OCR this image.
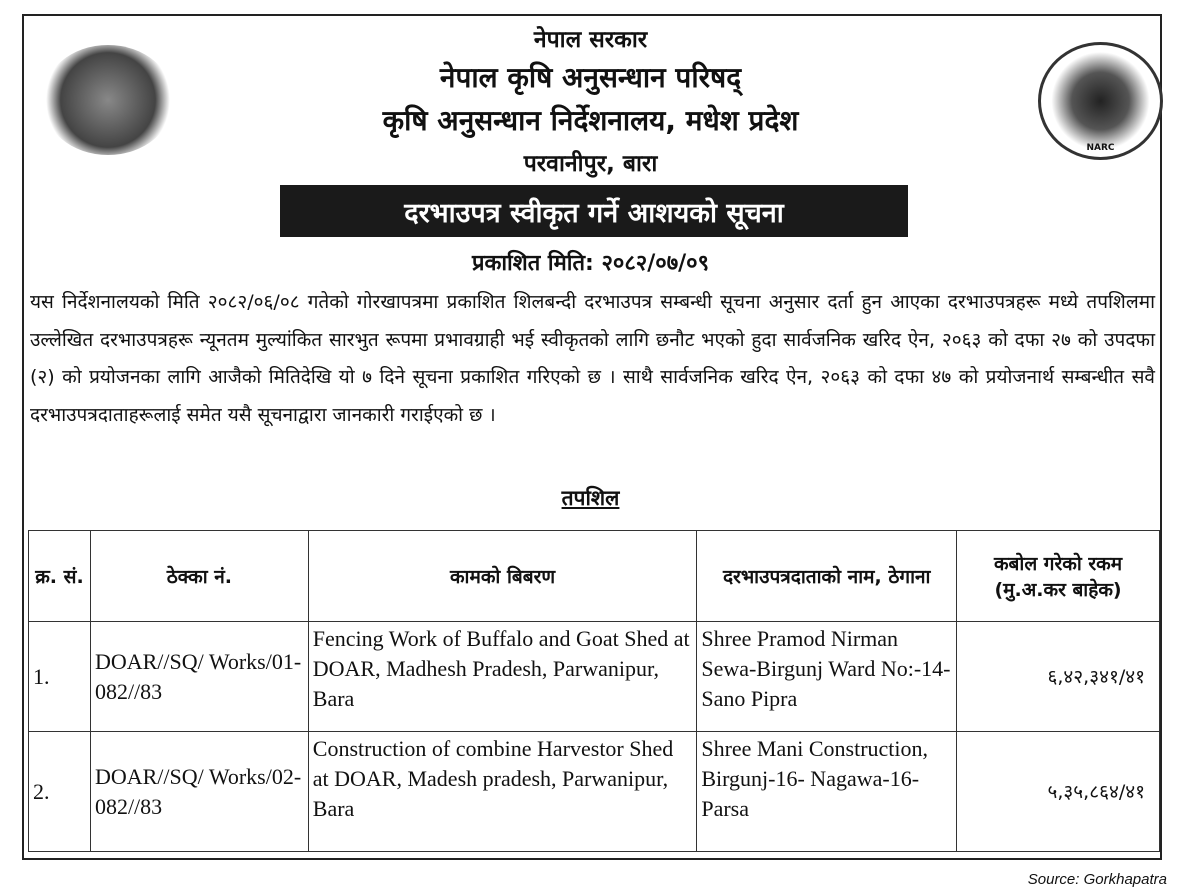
NARC
नेपाल सरकार
नेपाल कृषि अनुसन्धान परिषद्
कृषि अनुसन्धान निर्देशनालय, मधेश प्रदेश
परवानीपुर, बारा
दरभाउपत्र स्वीकृत गर्ने आशयको सूचना
प्रकाशित मिति: २०८२/०७/०९
यस निर्देशनालयको मिति २०८२/०६/०८ गतेको गोरखापत्रमा प्रकाशित शिलबन्दी दरभाउपत्र सम्बन्धी सूचना अनुसार दर्ता हुन आएका दरभाउपत्रहरू मध्ये तपशिलमा उल्लेखित दरभाउपत्रहरू न्यूनतम मुल्यांकित सारभुत रूपमा प्रभावग्राही भई स्वीकृतको लागि छनौट भएको हुदा सार्वजनिक खरिद ऐन, २०६३ को दफा २७ को उपदफा (२) को प्रयोजनका लागि आजैको मितिदेखि यो ७ दिने सूचना प्रकाशित गरिएको छ । साथै सार्वजनिक खरिद ऐन, २०६३ को दफा ४७ को प्रयोजनार्थ सम्बन्धीत सवै दरभाउपत्रदाताहरूलाई समेत यसै सूचनाद्वारा जानकारी गराईएको छ ।
तपशिल
क्र. सं.	ठेक्का नं.	कामको बिबरण	दरभाउपत्रदाताको नाम, ठेगाना	कबोल गरेको रकम (मु.अ.कर बाहेक)
1.	DOAR//SQ/ Works/01-082//83	Fencing Work of Buffalo and Goat Shed at DOAR, Madhesh Pradesh, Parwanipur, Bara	Shree Pramod Nirman Sewa-Birgunj Ward No:-14-Sano Pipra	६,४२,३४१/४१
2.	DOAR//SQ/ Works/02-082//83	Construction of combine Harvestor Shed at DOAR, Madesh pradesh, Parwanipur, Bara	Shree Mani Construction, Birgunj-16- Nagawa-16-Parsa	५,३५,८६४/४१
Source: Gorkhapatra
